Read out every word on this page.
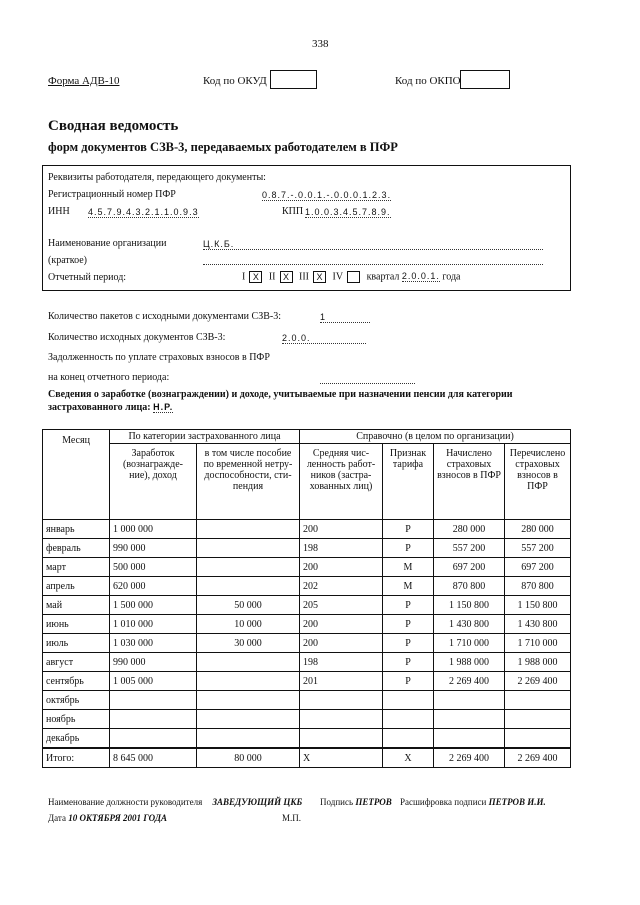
338
Форма АДВ-10	Код по ОКУД	Код по ОКПО
Сводная ведомость
форм документов СЗВ-3, передаваемых работодателем в ПФР
Реквизиты работодателя, передающего документы:
Регистрационный номер ПФР	0.8.7.-.0.0.1.-.0.0.0.1.2.3.
ИНН 4.5.7.9.4.3.2.1.1.0.9.3	КПП 1.0.0.3.4.5.7.8.9.
Наименование организации	Ц.К.Б.
(краткое)
Отчетный период:	I X II X III X IV квартал 2.0.0.1. года
Количество пакетов с исходными документами СЗВ-3:	1
Количество исходных документов СЗВ-3:	2.0.0.
Задолженность по уплате страховых взносов в ПФР
на конец отчетного периода:
Сведения о заработке (вознаграждении) и доходе, учитываемые при назначении пенсии для категории застрахованного лица: Н.Р.
Месяц	По категории застрахованного лица		Справочно (в целом по организации)			
	Заработок (вознагражде-ние), доход	в том числе пособие по временной нетру-доспособности, сти-пендия	Средняя чис-ленность работ-ников (застра-хованных лиц)	Признак тарифа	Начислено страховых взносов в ПФР	Перечислено страховых взносов в ПФР
январь	1 000 000		200	Р	280 000	280 000
февраль	990 000		198	Р	557 200	557 200
март	500 000		200	М	697 200	697 200
апрель	620 000		202	М	870 800	870 800
май	1 500 000	50 000	205	Р	1 150 800	1 150 800
июнь	1 010 000	10 000	200	Р	1 430 800	1 430 800
июль	1 030 000	30 000	200	Р	1 710 000	1 710 000
август	990 000		198	Р	1 988 000	1 988 000
сентябрь	1 005 000		201	Р	2 269 400	2 269 400
октябрь						
ноябрь						
декабрь						
Итого:	8 645 000	80 000	X	X	2 269 400	2 269 400
Наименование должности руководителя ЗАВЕДУЮЩИЙ ЦКБ Подпись ПЕТРОВ Расшифровка подписи ПЕТРОВ И.И.
Дата 10 ОКТЯБРЯ 2001 ГОДА	М.П.
